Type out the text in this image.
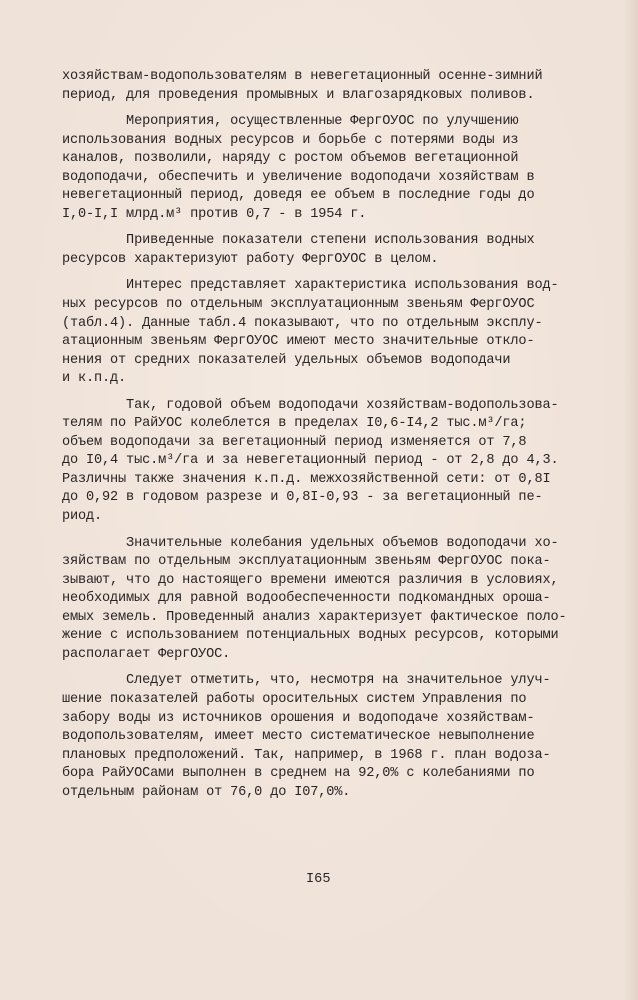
хозяйствам-водопользователям в невегетационный осенне-зимний
период, для проведения промывных и влагозарядковых поливов.
Мероприятия, осуществленные ФергОУОС по улучшению
использования водных ресурсов и борьбе с потерями воды из
каналов, позволили, наряду с ростом объемов вегетационной
водоподачи, обеспечить и увеличение водоподачи хозяйствам в
невегетационный период, доведя ее объем в последние годы до
I,0-I,I млрд.м³ против 0,7 - в 1954 г.
Приведенные показатели степени использования водных
ресурсов характеризуют работу ФергОУОС в целом.
Интерес представляет характеристика использования вод-
ных ресурсов по отдельным эксплуатационным звеньям ФергОУОС
(табл.4). Данные табл.4 показывают, что по отдельным эксплу-
атационным звеньям ФергОУОС имеют место значительные откло-
нения от средних показателей удельных объемов водоподачи
и к.п.д.
Так, годовой объем водоподачи хозяйствам-водопользова-
телям по РайУОС колеблется в пределах I0,6-I4,2 тыс.м³/га;
объем водоподачи за вегетационный период изменяется от 7,8
до I0,4 тыс.м³/га и за невегетационный период - от 2,8 до 4,3.
Различны также значения к.п.д. межхозяйственной сети: от 0,8I
до 0,92 в годовом разрезе и 0,8I-0,93 - за вегетационный пе-
риод.
Значительные колебания удельных объемов водоподачи хо-
зяйствам по отдельным эксплуатационным звеньям ФергОУОС пока-
зывают, что до настоящего времени имеются различия в условиях,
необходимых для равной водообеспеченности подкомандных ороша-
емых земель. Проведенный анализ характеризует фактическое поло-
жение с использованием потенциальных водных ресурсов, которыми
располагает ФергОУОС.
Следует отметить, что, несмотря на значительное улуч-
шение показателей работы оросительных систем Управления по
забору воды из источников орошения и водоподаче хозяйствам-
водопользователям, имеет место систематическое невыполнение
плановых предположений. Так, например, в 1968 г. план водоза-
бора РайУОСами выполнен в среднем на 92,0% с колебаниями по
отдельным районам от 76,0 до I07,0%.
I65
